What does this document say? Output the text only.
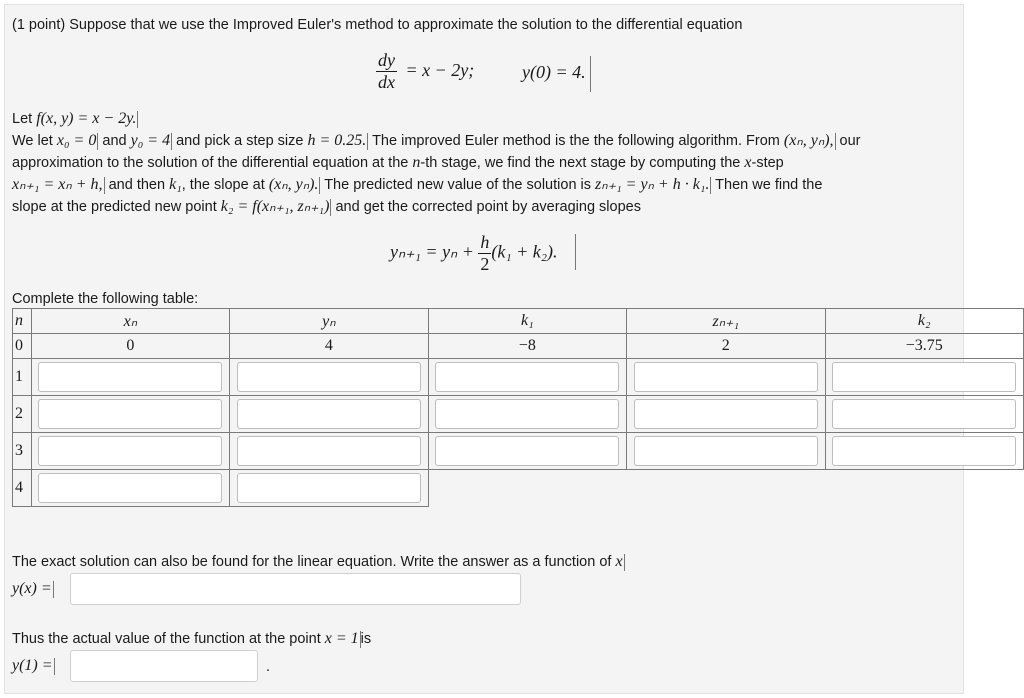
(1 point) Suppose that we use the Improved Euler's method to approximate the solution to the differential equation
$\frac{dy}{dx} = x - 2y$;	y(0) = 4.
Let f(x, y) = x − 2y.
We let x₀ = 0 and y₀ = 4 and pick a step size h = 0.25. The improved Euler method is the the following algorithm. From (xₙ, yₙ), our
approximation to the solution of the differential equation at the n-th stage, we find the next stage by computing the x-step
xₙ₊₁ = xₙ + h, and then k₁, the slope at (xₙ, yₙ). The predicted new value of the solution is zₙ₊₁ = yₙ + h · k₁. Then we find the
slope at the predicted new point k₂ = f(xₙ₊₁, zₙ₊₁) and get the corrected point by averaging slopes
$y_{n+1} = y_n + \frac{h}{2} (k_1 + k_2)$.
Complete the following table:
n	xₙ	yₙ	k₁	zₙ₊₁	k₂
0	0	4	−8	2	−3.75
1	

2	

3	

4	

The exact solution can also be found for the linear equation. Write the answer as a function of x
y(x) =
Thus the actual value of the function at the point x = 1 is
y(1) =	.
